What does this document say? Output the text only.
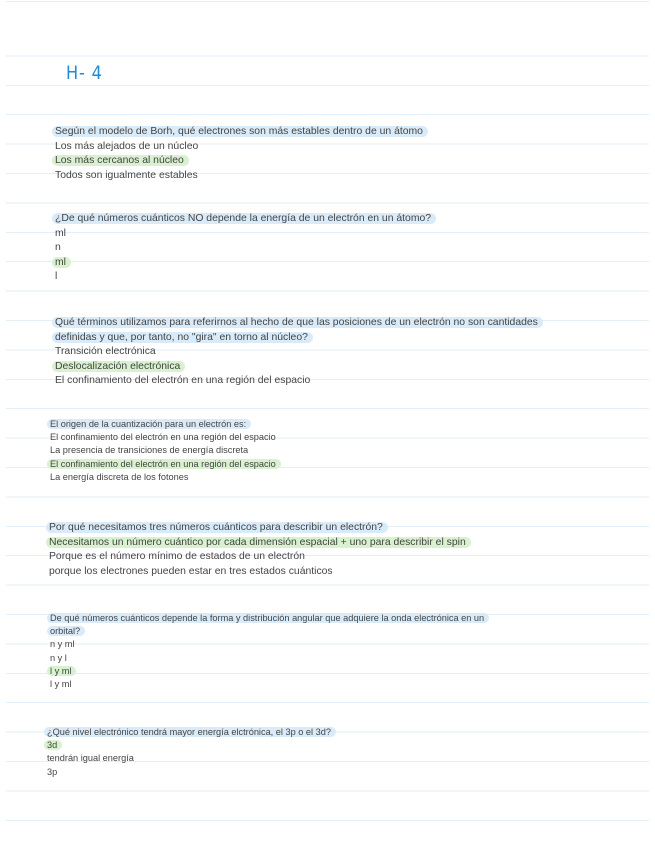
H- 4
Según el modelo de Borh, qué electrones son más estables dentro de un átomo
Los más alejados de un núcleo
Los más cercanos al núcleo
Todos son igualmente estables
¿De qué números cuánticos NO depende la energía de un electrón en un átomo?
ml
n
ml
l
Qué términos utilizamos para referirnos al hecho de que las posiciones de un electrón no son cantidades
definidas y que, por tanto, no "gira" en torno al núcleo?
Transición electrónica
Deslocalización electrónica
El confinamiento del electrón en una región del espacio
El origen de la cuantización para un electrón es:
El confinamiento del electrón en una región del espacio
La presencia de transiciones de energía discreta
El confinamiento del electrón en una región del espacio
La energía discreta de los fotones
Por qué necesitamos tres números cuánticos para describir un electrón?
Necesitamos un número cuántico por cada dimensión espacial + uno para describir el spin
Porque es el número mínimo de estados de un electrón
porque los electrones pueden estar en tres estados cuánticos
De qué números cuánticos depende la forma y distribución angular que adquiere la onda electrónica en un
orbital?
n y ml
n y l
l y ml
l y ml
¿Qué nivel electrónico tendrá mayor energía elctrónica, el 3p o el 3d?
3d
tendrán igual energía
3p
